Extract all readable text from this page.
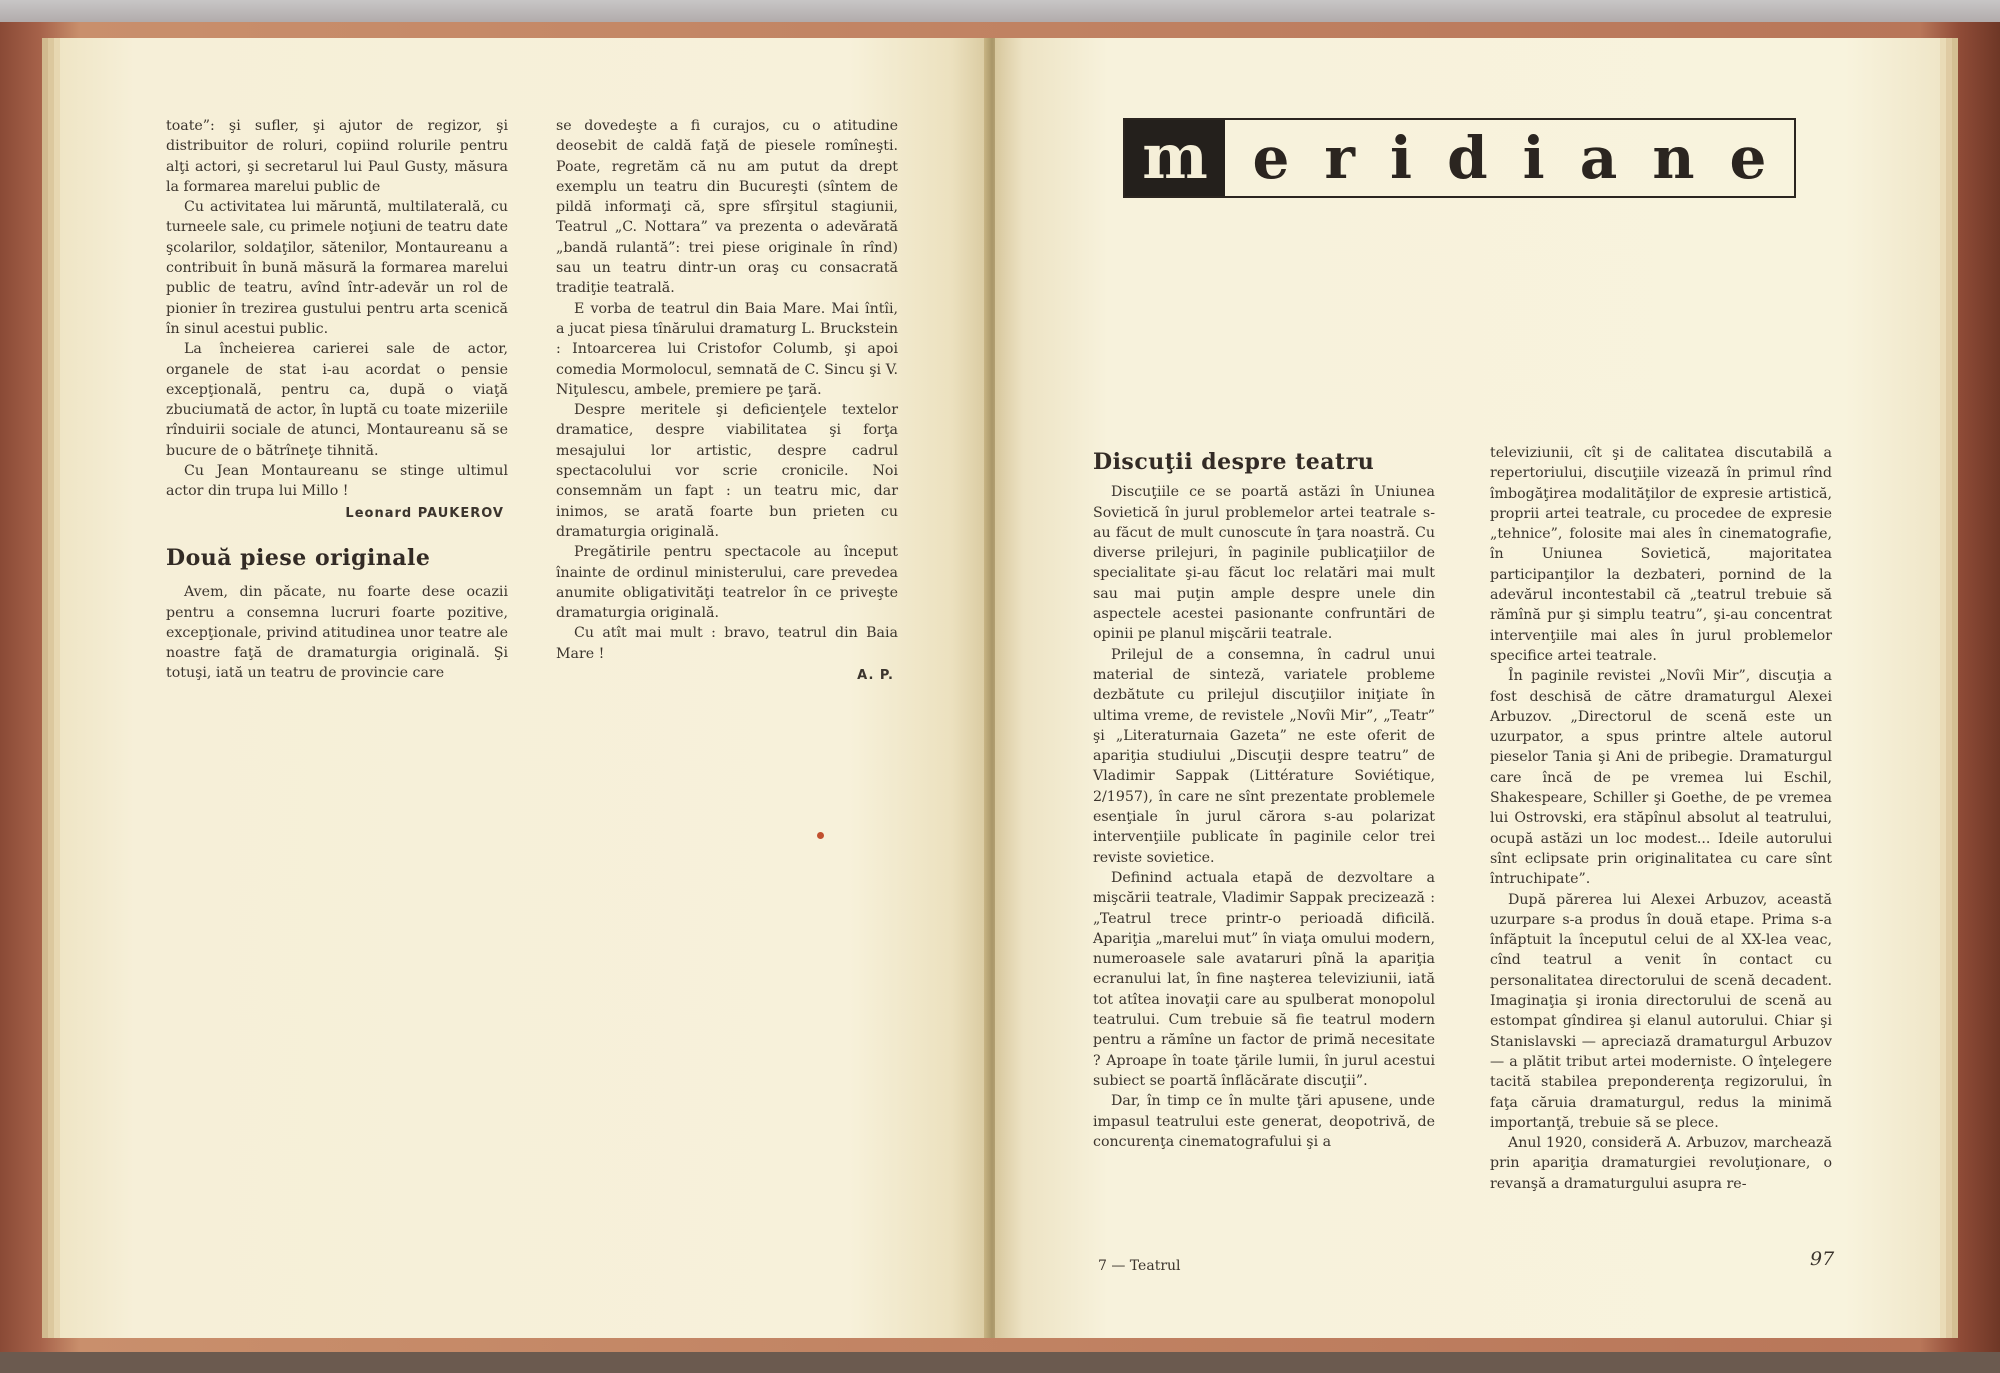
toate”: şi sufler, şi ajutor de regizor, şi distribuitor de roluri, copiind rolurile pentru alţi actori, şi secretarul lui Paul Gusty, măsura la formarea marelui public de

Cu activitatea lui măruntă, multilaterală, cu turneele sale, cu primele noţiuni de teatru date şcolarilor, soldaţilor, sătenilor, Montaureanu a contribuit în bună măsură la formarea marelui public de teatru, avînd într-adevăr un rol de pionier în trezirea gustului pentru arta scenică în sinul acestui public.

La încheierea carierei sale de actor, organele de stat i-au acordat o pensie excepţională, pentru ca, după o viaţă zbuciumată de actor, în luptă cu toate mizeriile rînduirii sociale de atunci, Montaureanu să se bucure de o bătrîneţe tihnită.

Cu Jean Montaureanu se stinge ultimul actor din trupa lui Millo !

Leonard PAUKEROV
Două piese originale

Avem, din păcate, nu foarte dese ocazii pentru a consemna lucruri foarte pozitive, excepţionale, privind atitudinea unor teatre ale noastre faţă de dramaturgia originală. Şi totuşi, iată un teatru de provincie care

se dovedeşte a fi curajos, cu o atitudine deosebit de caldă faţă de piesele romîneşti. Poate, regretăm că nu am putut da drept exemplu un teatru din Bucureşti (sîntem de pildă informaţi că, spre sfîrşitul stagiunii, Teatrul „C. Nottara” va prezenta o adevărată „bandă rulantă”: trei piese originale în rînd) sau un teatru dintr-un oraş cu consacrată tradiţie teatrală.

E vorba de teatrul din Baia Mare. Mai întîi, a jucat piesa tînărului dramaturg L. Bruckstein : Intoarcerea lui Cristofor Columb, şi apoi comedia Mormolocul, semnată de C. Sincu şi V. Niţulescu, ambele, premiere pe ţară.

Despre meritele şi deficienţele textelor dramatice, despre viabilitatea şi forţa mesajului lor artistic, despre cadrul spectacolului vor scrie cronicile. Noi consemnăm un fapt : un teatru mic, dar inimos, se arată foarte bun prieten cu dramaturgia originală.

Pregătirile pentru spectacole au început înainte de ordinul ministerului, care prevedea anumite obligativităţi teatrelor în ce priveşte dramaturgia originală.

Cu atît mai mult : bravo, teatrul din Baia Mare !

A. P.
m e r i d i a n e
Discuţii despre teatru

Discuţiile ce se poartă astăzi în Uniunea Sovietică în jurul problemelor artei teatrale s-au făcut de mult cunoscute în ţara noastră. Cu diverse prilejuri, în paginile publicaţiilor de specialitate şi-au făcut loc relatări mai mult sau mai puţin ample despre unele din aspectele acestei pasionante confruntări de opinii pe planul mişcării teatrale.

Prilejul de a consemna, în cadrul unui material de sinteză, variatele probleme dezbătute cu prilejul discuţiilor iniţiate în ultima vreme, de revistele „Novîi Mir”, „Teatr” şi „Literaturnaia Gazeta” ne este oferit de apariţia studiului „Discuţii despre teatru” de Vladimir Sappak (Littérature Soviétique, 2/1957), în care ne sînt prezentate problemele esenţiale în jurul cărora s-au polarizat intervenţiile publicate în paginile celor trei reviste sovietice.

Definind actuala etapă de dezvoltare a mişcării teatrale, Vladimir Sappak precizează : „Teatrul trece printr-o perioadă dificilă. Apariţia „marelui mut” în viaţa omului modern, numeroasele sale avataruri pînă la apariţia ecranului lat, în fine naşterea televiziunii, iată tot atîtea inovaţii care au spulberat monopolul teatrului. Cum trebuie să fie teatrul modern pentru a rămîne un factor de primă necesitate ? Aproape în toate ţările lumii, în jurul acestui subiect se poartă înflăcărate discuţii”.

Dar, în timp ce în multe ţări apusene, unde impasul teatrului este generat, deopotrivă, de concurenţa cinematografului şi a

televiziunii, cît şi de calitatea discutabilă a repertoriului, discuţiile vizează în primul rînd îmbogăţirea modalităţilor de expresie artistică, proprii artei teatrale, cu procedee de expresie „tehnice”, folosite mai ales în cinematografie, în Uniunea Sovietică, majoritatea participanţilor la dezbateri, pornind de la adevărul incontestabil că „teatrul trebuie să rămînă pur şi simplu teatru”, şi-au concentrat intervenţiile mai ales în jurul problemelor specifice artei teatrale.

În paginile revistei „Novîi Mir”, discuţia a fost deschisă de către dramaturgul Alexei Arbuzov. „Directorul de scenă este un uzurpator, a spus printre altele autorul pieselor Tania şi Ani de pribegie. Dramaturgul care încă de pe vremea lui Eschil, Shakespeare, Schiller şi Goethe, de pe vremea lui Ostrovski, era stăpînul absolut al teatrului, ocupă astăzi un loc modest... Ideile autorului sînt eclipsate prin originalitatea cu care sînt întruchipate”.

După părerea lui Alexei Arbuzov, această uzurpare s-a produs în două etape. Prima s-a înfăptuit la începutul celui de al XX-lea veac, cînd teatrul a venit în contact cu personalitatea directorului de scenă decadent. Imaginaţia şi ironia directorului de scenă au estompat gîndirea şi elanul autorului. Chiar şi Stanislavski — apreciază dramaturgul Arbuzov — a plătit tribut artei moderniste. O înţelegere tacită stabilea preponderenţa regizorului, în faţa căruia dramaturgul, redus la minimă importanţă, trebuie să se plece.

Anul 1920, consideră A. Arbuzov, marchează prin apariţia dramaturgiei revoluţionare, o revanşă a dramaturgului asupra re-

7 — Teatrul	97
